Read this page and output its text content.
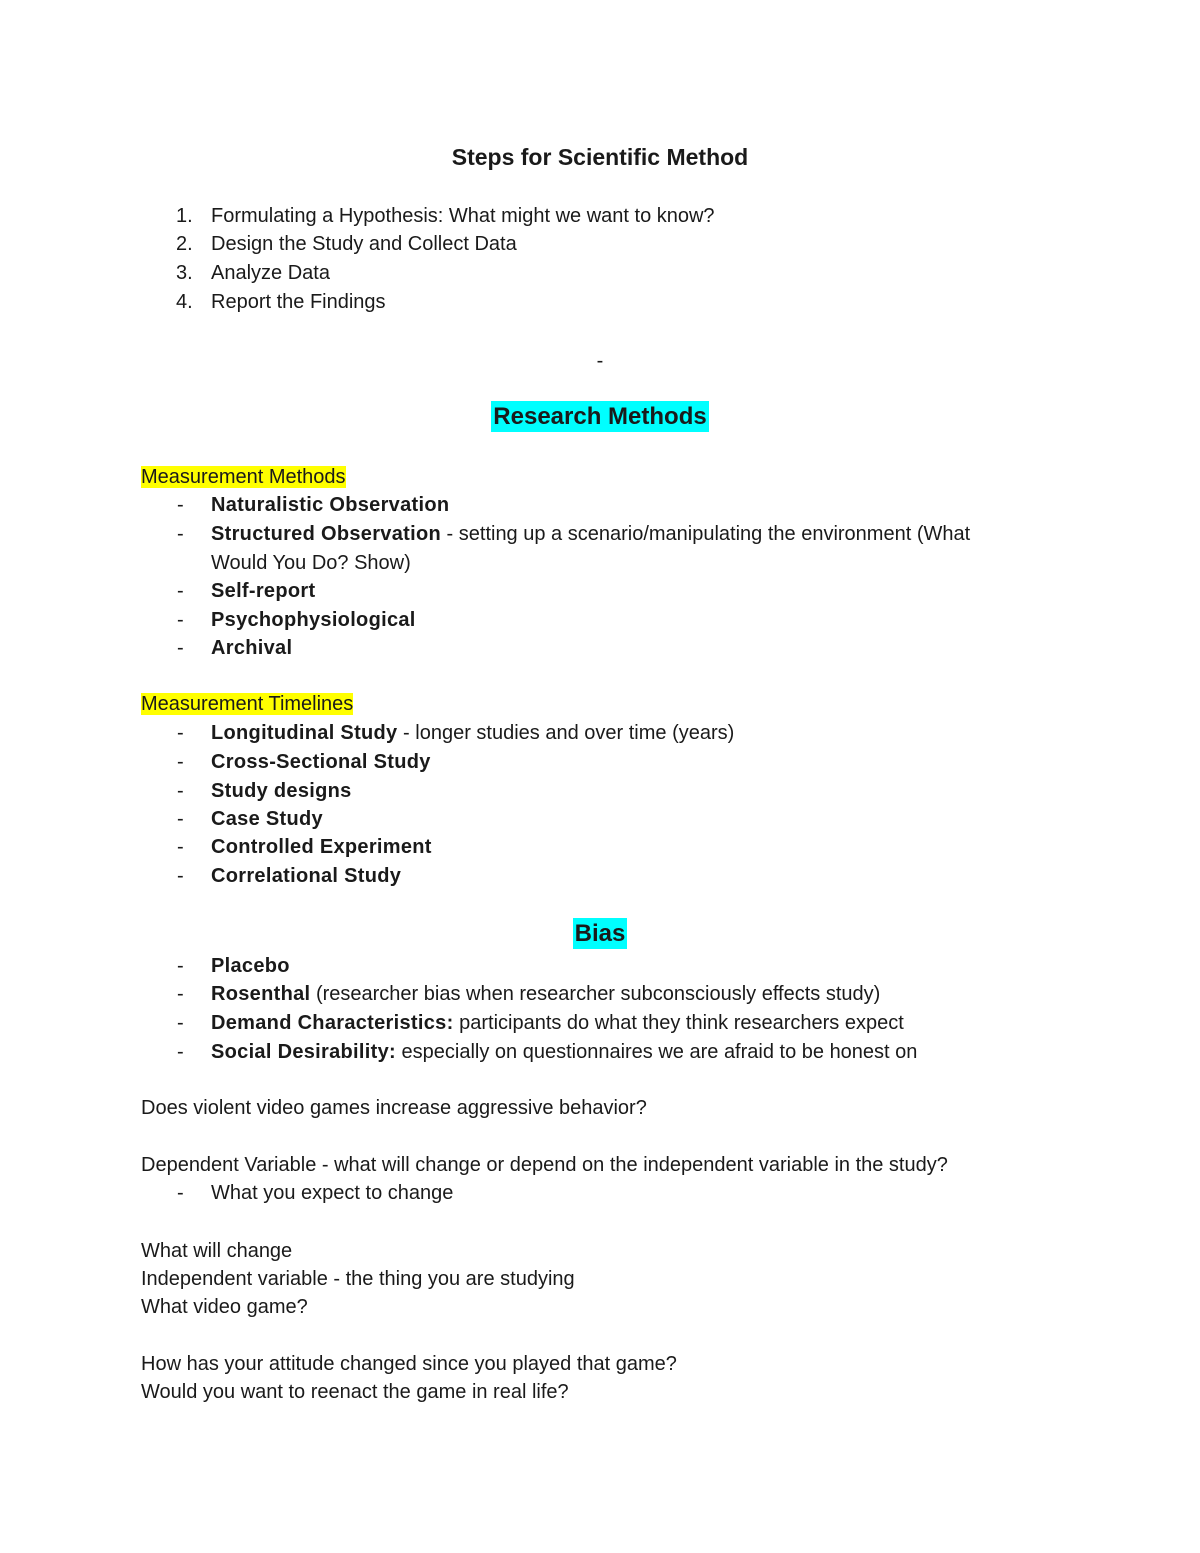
Steps for Scientific Method
1. Formulating a Hypothesis: What might we want to know?
2. Design the Study and Collect Data
3. Analyze Data
4. Report the Findings
-
Research Methods
Measurement Methods
- Naturalistic Observation
- Structured Observation - setting up a scenario/manipulating the environment (What
Would You Do? Show)
- Self-report
- Psychophysiological
- Archival
Measurement Timelines
- Longitudinal Study - longer studies and over time (years)
- Cross-Sectional Study
- Study designs
- Case Study
- Controlled Experiment
- Correlational Study
Bias
- Placebo
- Rosenthal (researcher bias when researcher subconsciously effects study)
- Demand Characteristics: participants do what they think researchers expect
- Social Desirability: especially on questionnaires we are afraid to be honest on
Does violent video games increase aggressive behavior?
Dependent Variable - what will change or depend on the independent variable in the study?
- What you expect to change
What will change
Independent variable - the thing you are studying
What video game?
How has your attitude changed since you played that game?
Would you want to reenact the game in real life?
